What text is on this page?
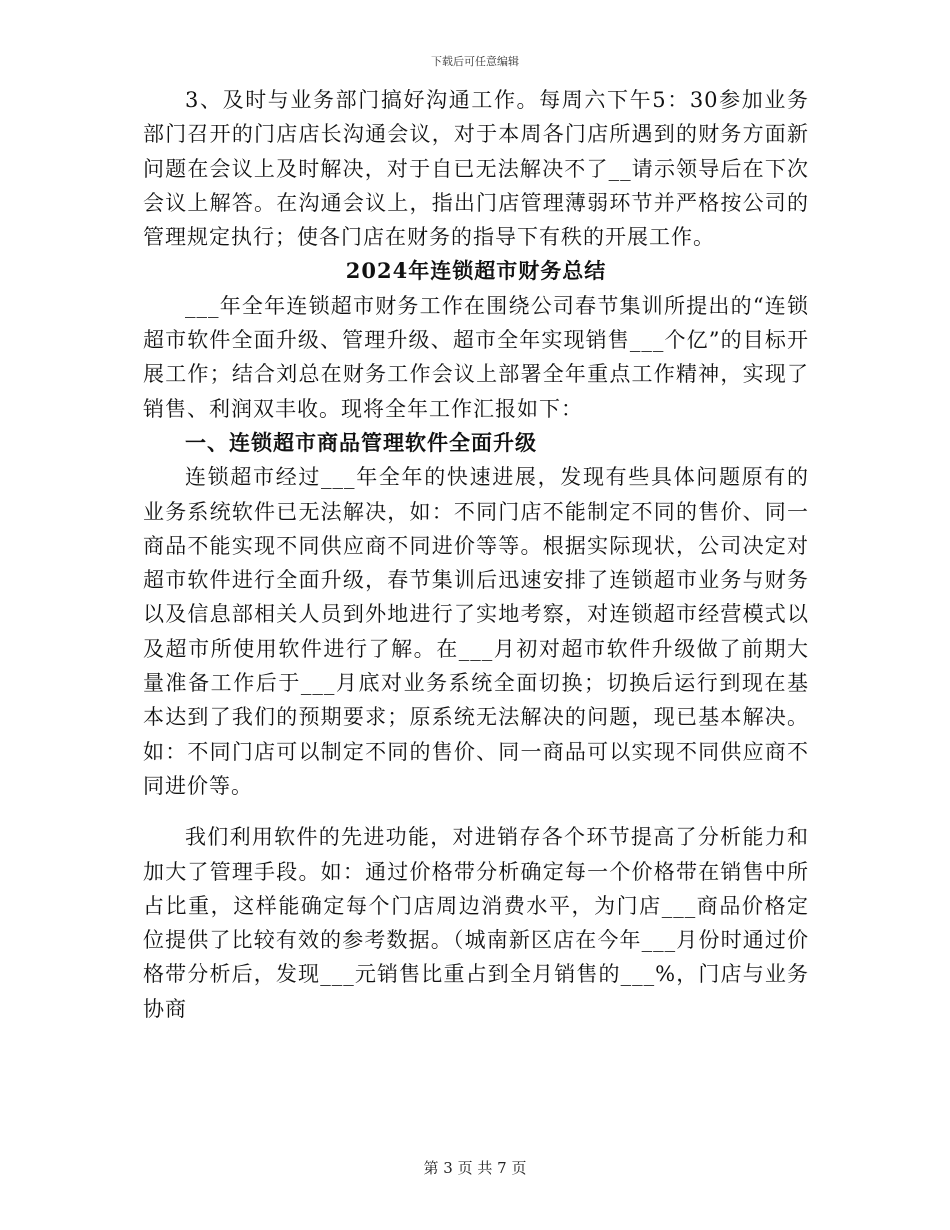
下载后可任意编辑

3、及时与业务部门搞好沟通工作。每周六下午5：30参加业务部门召开的门店店长沟通会议，对于本周各门店所遇到的财务方面新问题在会议上及时解决，对于自已无法解决不了__请示领导后在下次会议上解答。在沟通会议上，指出门店管理薄弱环节并严格按公司的管理规定执行；使各门店在财务的指导下有秩的开展工作。

2024年连锁超市财务总结

___年全年连锁超市财务工作在围绕公司春节集训所提出的“连锁超市软件全面升级、管理升级、超市全年实现销售___个亿”的目标开展工作；结合刘总在财务工作会议上部署全年重点工作精神，实现了销售、利润双丰收。现将全年工作汇报如下：

一、连锁超市商品管理软件全面升级

连锁超市经过___年全年的快速进展，发现有些具体问题原有的业务系统软件已无法解决，如：不同门店不能制定不同的售价、同一商品不能实现不同供应商不同进价等等。根据实际现状，公司决定对超市软件进行全面升级，春节集训后迅速安排了连锁超市业务与财务以及信息部相关人员到外地进行了实地考察，对连锁超市经营模式以及超市所使用软件进行了解。在___月初对超市软件升级做了前期大量准备工作后于___月底对业务系统全面切换；切换后运行到现在基本达到了我们的预期要求；原系统无法解决的问题，现已基本解决。如：不同门店可以制定不同的售价、同一商品可以实现不同供应商不同进价等。

我们利用软件的先进功能，对进销存各个环节提高了分析能力和加大了管理手段。如：通过价格带分析确定每一个价格带在销售中所占比重，这样能确定每个门店周边消费水平，为门店___商品价格定位提供了比较有效的参考数据。（城南新区店在今年___月份时通过价格带分析后，发现___元销售比重占到全月销售的___%，门店与业务协商

第 3 页 共 7 页
